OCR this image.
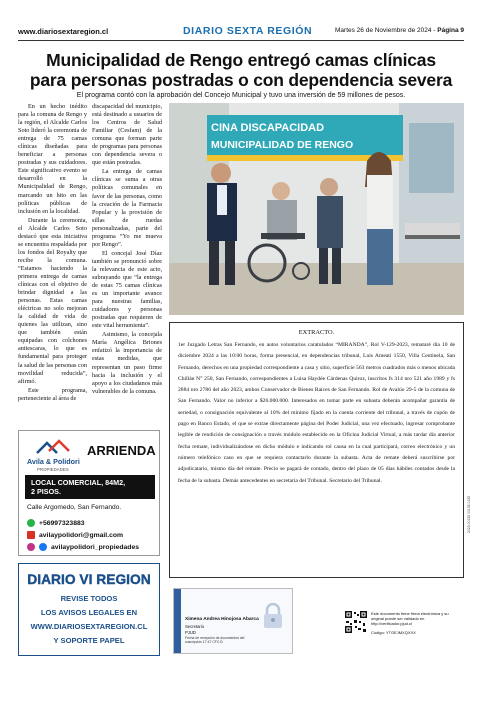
www.diariosextaregion.cl	DIARIO SEXTA REGIÓN	Martes 26 de Noviembre de 2024 - Página 9
Municipalidad de Rengo entregó camas clínicas
para personas postradas o con dependencia severa
El programa contó con la aprobación del Concejo Municipal y tuvo una inversión de 59 millones de pesos.

En un hecho inédito para la comuna de Rengo y la región, el Alcalde Carlos Soto lideró la ceremonia de entrega de 75 camas clínicas diseñadas para beneficiar a personas postradas y sus cuidadores. Este significativo evento se desarrolló en la Municipalidad de Rengo, marcando un hito en las políticas públicas de inclusión en la localidad.

Durante la ceremonia, el Alcalde Carlos Soto destacó que esta iniciativa se encuentra respaldada por los fondos del Royalty que recibe la comuna. “Estamos haciendo la primera entrega de camas clínicas con el objetivo de brindar dignidad a las personas. Estas camas eléctricas no solo mejoran la calidad de vida de quienes las utilizan, sino que también están equipadas con colchones antiescaras, lo que es fundamental para proteger la salud de las personas con movilidad reducida”, afirmó.

Este programa, perteneciente al área de

discapacidad del municipio, está destinado a usuarios de los Centros de Salud Familiar (Cesfam) de la comuna que forman parte de programas para personas con dependencia severa o que están postradas.

La entrega de camas clínicas se suma a otras políticas comunales en favor de las personas, como la creación de la Farmacia Popular y la provisión de sillas de ruedas personalizadas, parte del programa “Yo me mueva por Rengo”.

El concejal José Díaz también se pronunció sobre la relevancia de este acto, subrayando que “la entrega de estas 75 camas clínicas es un importante avance para nuestras familias, cuidadores y personas postradas que requieren de este vital herramienta”.

Asimismo, la concejala María Angélica Briones enfatizó la importancia de estas medidas, que representan un paso firme hacia la inclusión y el apoyo a los ciudadanos más vulnerables de la comuna.

CINA DISCAPACIDAD
MUNICIPALIDAD DE RENGO
EXTRACTO.
1er Juzgado Letras San Fernando, en autos voluntarios caratulados “MIRANDA”, Rol V-129-2023, remataré día 10 de diciembre 2024 a las 10:00 horas, forma presencial, en dependencias tribunal, Luis Ameati 1550, Villa Centinela, San Fernando, derechos en una propiedad correspondiente a casa y sitio, superficie 563 metros cuadrados más o menos ubicada Chillán N° 250, San Fernando, correspondientes a Luisa Haydée Cárdenas Quiroz, inscritos fs 314 nro 521 año 1989 y fs 2884 nro 2786 del año 2023, ambos Conservador de Bienes Raíces de San Fernando. Rol de Avalúo 29-5 de la comuna de San Fernando. Valor no inferior a $26.000.000. Interesados en tomar parte en subasta deberán acompañar garantía de seriedad, o consignación equivalente al 10% del mínimo fijado en la cuenta corriente del tribunal, a través de cupón de pago en Banco Estado, el que se extrae directamente página del Poder Judicial, una vez efectuado, ingresar comprobante legible de rendición de consignación o través módulo establecido en la Oficina Judicial Virtual, a más tardar día anterior fecha remate, individualizándose en dicho módulo e indicando rol causa en la cual participará, correo electrónico y un número telefónico caso en que se requiera contactarlo durante la subasta. Acta de remate deberá suscribirse por adjudicatario, mismo día del remate. Precio se pagará de contado, dentro del plazo de 05 días hábiles contados desde la fecha de la subasta. Demás antecedentes en secretaria del Tribunal. Secretario del Tribunal.
2023-00135 00135 0135
21
Ximena Andrea Hinojosa Abarca
Secretario
PJUD
Fecha de recepción de documentos del suscripción 17:47 CFC Ð
Este documento tiene firma electrónica y su original puede ser validado en http://verificador.pjud.cl
Código: YTGEJMXQXXX
Avila & Polidori
PROPIEDADES
ARRIENDA
LOCAL COMERCIAL, 84M2,
2 PISOS.
Calle Argomedo, San Fernando.
+56997323883
avilaypolidori@gmail.com
avilaypolidori_propiedades
DIARIO VI REGION
REVISE TODOS
LOS AVISOS LEGALES EN
WWW.DIARIOSEXTAREGION.CL
Y SOPORTE PAPEL
